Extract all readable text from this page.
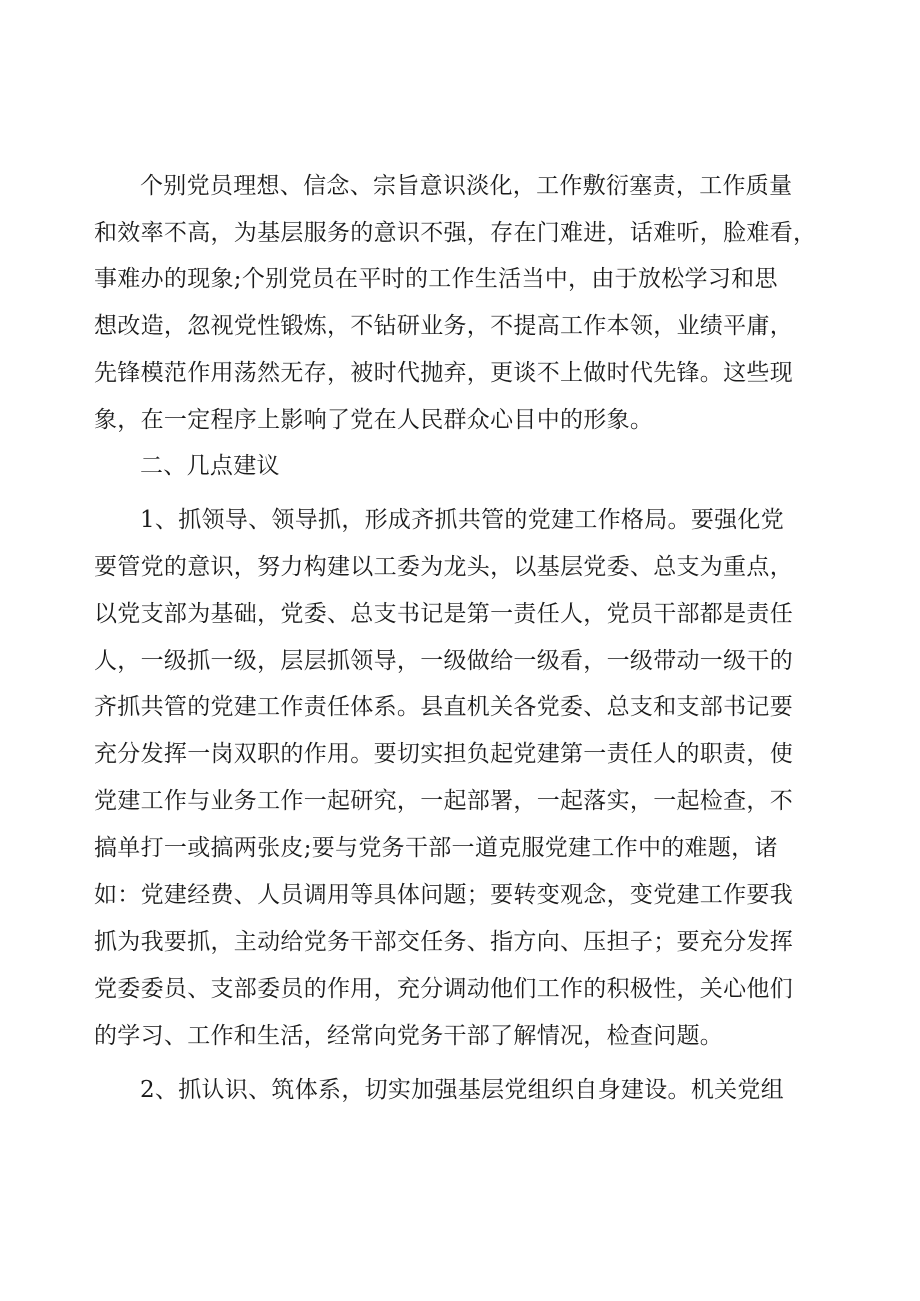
个别党员理想、信念、宗旨意识淡化，工作敷衍塞责，工作质量
和效率不高，为基层服务的意识不强，存在门难进，话难听，脸难看，
事难办的现象;个别党员在平时的工作生活当中，由于放松学习和思
想改造，忽视党性锻炼，不钻研业务，不提高工作本领，业绩平庸，
先锋模范作用荡然无存，被时代抛弃，更谈不上做时代先锋。这些现
象，在一定程序上影响了党在人民群众心目中的形象。
二、几点建议
1、抓领导、领导抓，形成齐抓共管的党建工作格局。要强化党
要管党的意识，努力构建以工委为龙头，以基层党委、总支为重点，
以党支部为基础，党委、总支书记是第一责任人，党员干部都是责任
人，一级抓一级，层层抓领导，一级做给一级看，一级带动一级干的
齐抓共管的党建工作责任体系。县直机关各党委、总支和支部书记要
充分发挥一岗双职的作用。要切实担负起党建第一责任人的职责，使
党建工作与业务工作一起研究，一起部署，一起落实，一起检查，不
搞单打一或搞两张皮;要与党务干部一道克服党建工作中的难题，诸
如：党建经费、人员调用等具体问题；要转变观念，变党建工作要我
抓为我要抓，主动给党务干部交任务、指方向、压担子；要充分发挥
党委委员、支部委员的作用，充分调动他们工作的积极性，关心他们
的学习、工作和生活，经常向党务干部了解情况，检查问题。
2、抓认识、筑体系，切实加强基层党组织自身建设。机关党组
